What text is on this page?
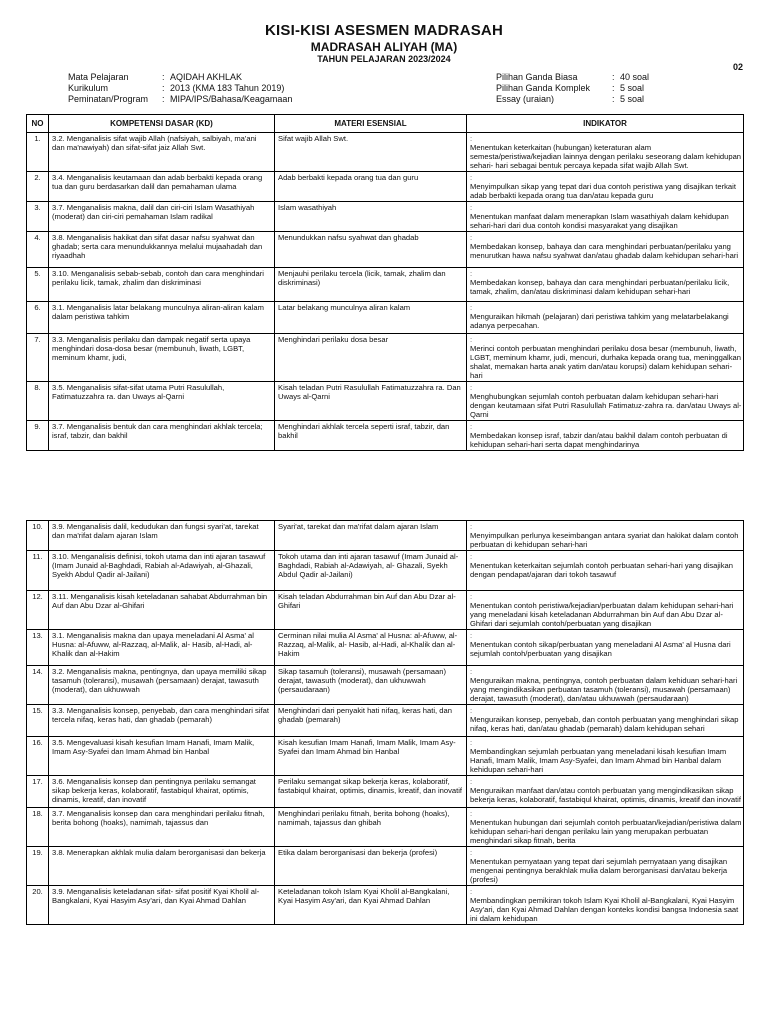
KISI-KISI ASESMEN MADRASAH
MADRASAH ALIYAH (MA)
TAHUN PELAJARAN 2023/2024
02
Mata Pelajaran	: AQIDAH AKHLAK
Kurikulum	: 2013 (KMA 183 Tahun 2019)
Peminatan/Program : MIPA/IPS/Bahasa/Keagamaan
Pilihan Ganda Biasa	: 40 soal
Pilihan Ganda Komplek : 5 soal
Essay (uraian)	: 5 soal
NO	KOMPETENSI DASAR (KD)	MATERI ESENSIAL	INDIKATOR
1.	3.2. Menganalisis sifat wajib Allah (nafsiyah, salbiyah, ma'ani dan ma'nawiyah) dan sifat-sifat jaiz Allah Swt.	Sifat wajib Allah Swt.	:Menentukan keterkaitan (hubungan) keteraturan alam semesta/peristiwa/kejadian lainnya dengan perilaku seseorang dalam kehidupan sehari- hari sebagai bentuk percaya kepada sifat wajib Allah Swt.
2.	3.4. Menganalisis keutamaan dan adab berbakti kepada orang tua dan guru berdasarkan dalil dan pemahaman ulama	Adab berbakti kepada orang tua dan guru	:Menyimpulkan sikap yang tepat dari dua contoh peristiwa yang disajikan terkait adab berbakti kepada orang tua dan/atau kepada guru
3.	3.7. Menganalisis makna, dalil dan ciri-ciri Islam Wasathiyah (moderat) dan ciri-ciri pemahaman Islam radikal	Islam wasathiyah	:Menentukan manfaat dalam menerapkan Islam wasathiyah dalam kehidupan sehari-hari dari dua contoh kondisi masyarakat yang disajikan
4.	3.8. Menganalisis hakikat dan sifat dasar nafsu syahwat dan ghadab; serta cara menundukkannya melalui mujaahadah dan riyaadhah	Menundukkan nafsu syahwat dan ghadab	:Membedakan konsep, bahaya dan cara menghindari perbuatan/perilaku yang menurutkan hawa nafsu syahwat dan/atau ghadab dalam kehidupan sehari-hari
5.	3.10. Menganalisis sebab-sebab, contoh dan cara menghindari perilaku licik, tamak, zhalim dan diskriminasi	Menjauhi perilaku tercela (licik, tamak, zhalim dan diskriminasi)	:Membedakan konsep, bahaya dan cara menghindari perbuatan/perilaku licik, tamak, zhalim, dan/atau diskriminasi dalam kehidupan sehari-hari
6.	3.1. Menganalisis latar belakang munculnya aliran-aliran kalam dalam peristiwa tahkim	Latar belakang munculnya aliran kalam	:Menguraikan hikmah (pelajaran) dari peristiwa tahkim yang melatarbelakangi adanya perpecahan.
7.	3.3. Menganalisis perilaku dan dampak negatif serta upaya menghindari dosa-dosa besar (membunuh, liwath, LGBT, meminum khamr, judi,	Menghindari perilaku dosa besar	:Merinci contoh perbuatan menghindari perilaku dosa besar (membunuh, liwath, LGBT, meminum khamr, judi, mencuri, durhaka kepada orang tua, meninggalkan shalat, memakan harta anak yatim dan/atau korupsi) dalam kehidupan sehari-hari
8.	3.5. Menganalisis sifat-sifat utama Putri Rasulullah, Fatimatuzzahra ra. dan Uways al-Qarni	Kisah teladan Putri Rasulullah Fatimatuzzahra ra. Dan Uways al-Qarni	:Menghubungkan sejumlah contoh perbuatan dalam kehidupan sehari-hari dengan keutamaan sifat Putri Rasulullah Fatimatuz-zahra ra. dan/atau Uways al-Qarni
9.	3.7. Menganalisis bentuk dan cara menghindari akhlak tercela; israf, tabzir, dan bakhil	Menghindari akhlak tercela seperti israf, tabzir, dan bakhil	:Membedakan konsep israf, tabzir dan/atau bakhil dalam contoh perbuatan di kehidupan sehari-hari serta dapat menghindarinya
10.	3.9. Menganalisis dalil, kedudukan dan fungsi syari'at, tarekat dan ma'rifat dalam ajaran Islam	Syari'at, tarekat dan ma'rifat dalam ajaran Islam	:Menyimpulkan perlunya keseimbangan antara syariat dan hakikat dalam contoh perbuatan di kehidupan sehari-hari
11.	3.10. Menganalisis definisi, tokoh utama dan inti ajaran tasawuf (Imam Junaid al-Baghdadi, Rabiah al-Adawiyah, al-Ghazali, Syekh Abdul Qadir al-Jailani)	Tokoh utama dan inti ajaran tasawuf (Imam Junaid al-Baghdadi, Rabiah al-Adawiyah, al- Ghazali, Syekh Abdul Qadir al-Jailani)	:Menentukan keterkaitan sejumlah contoh perbuatan sehari-hari yang disajikan dengan pendapat/ajaran dari tokoh tasawuf
12.	3.11. Menganalisis kisah keteladanan sahabat Abdurrahman bin Auf dan Abu Dzar al-Ghifari	Kisah teladan Abdurrahman bin Auf dan Abu Dzar al-Ghifari	:Menentukan contoh peristiwa/kejadian/perbuatan dalam kehidupan sehari-hari yang meneladani kisah keteladanan Abdurrahman bin Auf dan Abu Dzar al-Ghifari dari sejumlah contoh/perbuatan yang disajikan
13.	3.1. Menganalisis makna dan upaya meneladani Al Asma' al Husna: al-Afuww, al-Razzaq, al-Malik, al- Hasib, al-Hadi, al-Khalik dan al-Hakim	Cerminan nilai mulia Al Asma' al Husna: al-Afuww, al-Razzaq, al-Malik, al- Hasib, al-Hadi, al-Khalik dan al-Hakim	:Menentukan contoh sikap/perbuatan yang meneladani Al Asma' al Husna dari sejumlah contoh/perbuatan yang disajikan
14.	3.2. Menganalisis makna, pentingnya, dan upaya memiliki sikap tasamuh (toleransi), musawah (persamaan) derajat, tawasuth (moderat), dan ukhuwwah	Sikap tasamuh (toleransi), musawah (persamaan) derajat, tawasuth (moderat), dan ukhuwwah (persaudaraan)	:Menguraikan makna, pentingnya, contoh perbuatan dalam kehiduan sehari-hari yang mengindikasikan perbuatan tasamuh (toleransi), musawah (persamaan) derajat, tawasuth (moderat), dan/atau ukhuwwah (persaudaraan)
15.	3.3. Menganalisis konsep, penyebab, dan cara menghindari sifat tercela nifaq, keras hati, dan ghadab (pemarah)	Menghindari dari penyakit hati nifaq, keras hati, dan ghadab (pemarah)	:Menguraikan konsep, penyebab, dan contoh perbuatan yang menghindari sikap nifaq, keras hati, dan/atau ghadab (pemarah) dalam kehidupan sehari
16.	3.5. Mengevaluasi kisah kesufian Imam Hanafi, Imam Malik, Imam Asy-Syafei dan Imam Ahmad bin Hanbal	Kisah kesufian Imam Hanafi, Imam Malik, Imam Asy-Syafei dan Imam Ahmad bin Hanbal	:Membandingkan sejumlah perbuatan yang meneladani kisah kesufian Imam Hanafi, Imam Malik, Imam Asy-Syafei, dan Imam Ahmad bin Hanbal dalam kehidupan sehari-hari
17.	3.6. Menganalisis konsep dan pentingnya perilaku semangat sikap bekerja keras, kolaboratif, fastabiqul khairat, optimis, dinamis, kreatif, dan inovatif	Perilaku semangat sikap bekerja keras, kolaboratif, fastabiqul khairat, optimis, dinamis, kreatif, dan inovatif	:Menguraikan manfaat dan/atau contoh perbuatan yang mengindikasikan sikap bekerja keras, kolaboratif, fastabiqul khairat, optimis, dinamis, kreatif dan inovatif
18.	3.7. Menganalisis konsep dan cara menghindari perilaku fitnah, berita bohong (hoaks), namimah, tajassus dan	Menghindari perilaku fitnah, berita bohong (hoaks), namimah, tajassus dan ghibah	:Menentukan hubungan dari sejumlah contoh perbuatan/kejadian/peristiwa dalam kehidupan sehari-hari dengan perilaku lain yang merupakan perbuatan menghindari sikap fitnah, berita
19.	3.8. Menerapkan akhlak mulia dalam berorganisasi dan bekerja	Etika dalam berorganisasi dan bekerja (profesi)	:Menentukan pernyataan yang tepat dari sejumlah pernyataan yang disajikan mengenai pentingnya berakhlak mulia dalam berorganisasi dan/atau bekerja (profesi)
20.	3.9. Menganalisis keteladanan sifat- sifat positif Kyai Kholil al- Bangkalani, Kyai Hasyim Asy'ari, dan Kyai Ahmad Dahlan	Keteladanan tokoh Islam Kyai Kholil al-Bangkalani, Kyai Hasyim Asy'ari, dan Kyai Ahmad Dahlan	:Membandingkan pemikiran tokoh Islam Kyai Kholil al-Bangkalani, Kyai Hasyim Asy'ari, dan Kyai Ahmad Dahlan dengan konteks kondisi bangsa Indonesia saat ini dalam kehidupan
